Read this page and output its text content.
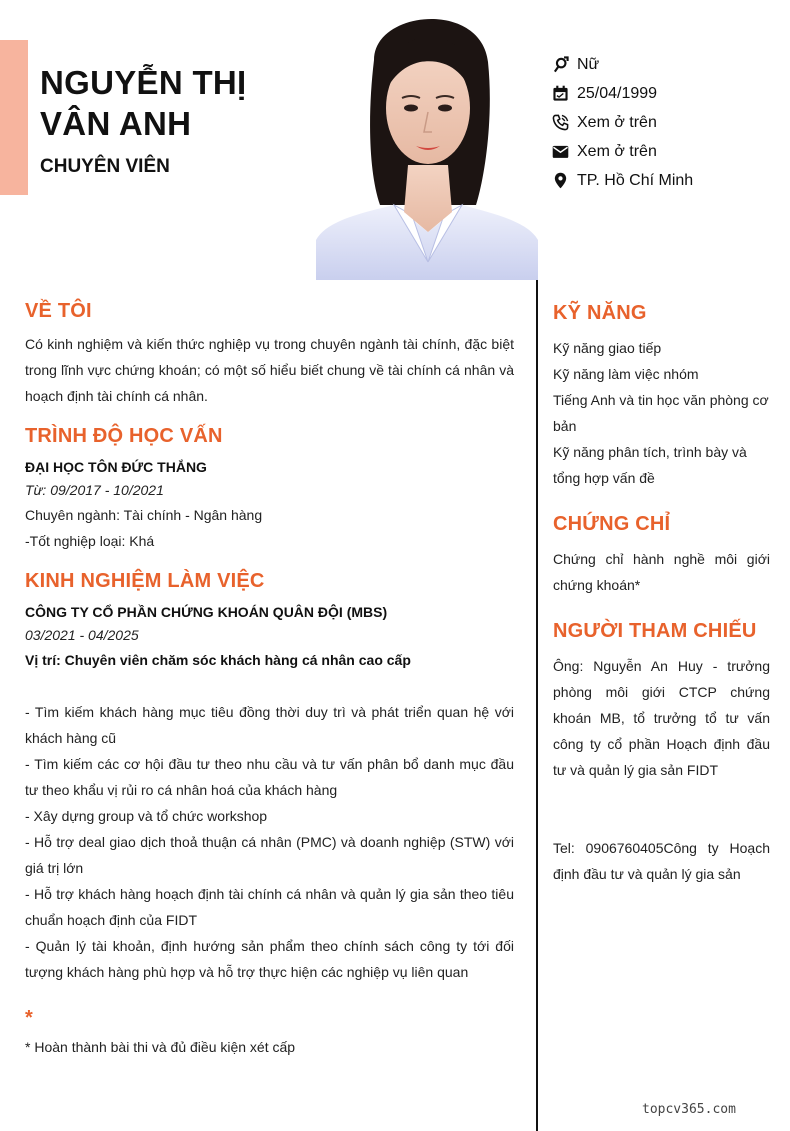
NGUYỄN THỊ
VÂN ANH
CHUYÊN VIÊN
Nữ
25/04/1999
Xem ở trên
Xem ở trên
TP. Hồ Chí Minh
VỀ TÔI
Có kinh nghiệm và kiến thức nghiệp vụ trong chuyên ngành tài chính, đặc biệt trong lĩnh vực chứng khoán; có một số hiểu biết chung về tài chính cá nhân và hoạch định tài chính cá nhân.
TRÌNH ĐỘ HỌC VẤN
ĐẠI HỌC TÔN ĐỨC THẮNG
Từ: 09/2017 - 10/2021
Chuyên ngành: Tài chính - Ngân hàng
-Tốt nghiệp loại: Khá
KINH NGHIỆM LÀM VIỆC
CÔNG TY CỔ PHẦN CHỨNG KHOÁN QUÂN ĐỘI (MBS)
03/2021 - 04/2025
Vị trí: Chuyên viên chăm sóc khách hàng cá nhân cao cấp
- Tìm kiếm khách hàng mục tiêu đồng thời duy trì và phát triển quan hệ với khách hàng cũ
- Tìm kiếm các cơ hội đầu tư theo nhu cầu và tư vấn phân bổ danh mục đầu tư theo khẩu vị rủi ro cá nhân hoá của khách hàng
- Xây dựng group và tổ chức workshop
- Hỗ trợ deal giao dịch thoả thuận cá nhân (PMC) và doanh nghiệp (STW) với giá trị lớn
- Hỗ trợ khách hàng hoạch định tài chính cá nhân và quản lý gia sản theo tiêu chuẩn hoạch định của FIDT
- Quản lý tài khoản, định hướng sản phẩm theo chính sách công ty tới đối tượng khách hàng phù hợp và hỗ trợ thực hiện các nghiệp vụ liên quan
*
* Hoàn thành bài thi và đủ điều kiện xét cấp
KỸ NĂNG
Kỹ năng giao tiếp
Kỹ năng làm việc nhóm
Tiếng Anh và tin học văn phòng cơ bản
Kỹ năng phân tích, trình bày và tổng hợp vấn đề
CHỨNG CHỈ
Chứng chỉ hành nghề môi giới chứng khoán*
NGƯỜI THAM CHIẾU
Ông: Nguyễn An Huy - trưởng phòng môi giới CTCP chứng khoán MB, tổ trưởng tổ tư vấn công ty cổ phần Hoạch định đầu tư và quản lý gia sản FIDT
Tel: 0906760405Công ty Hoạch định đầu tư và quản lý gia sản
topcv365.com
